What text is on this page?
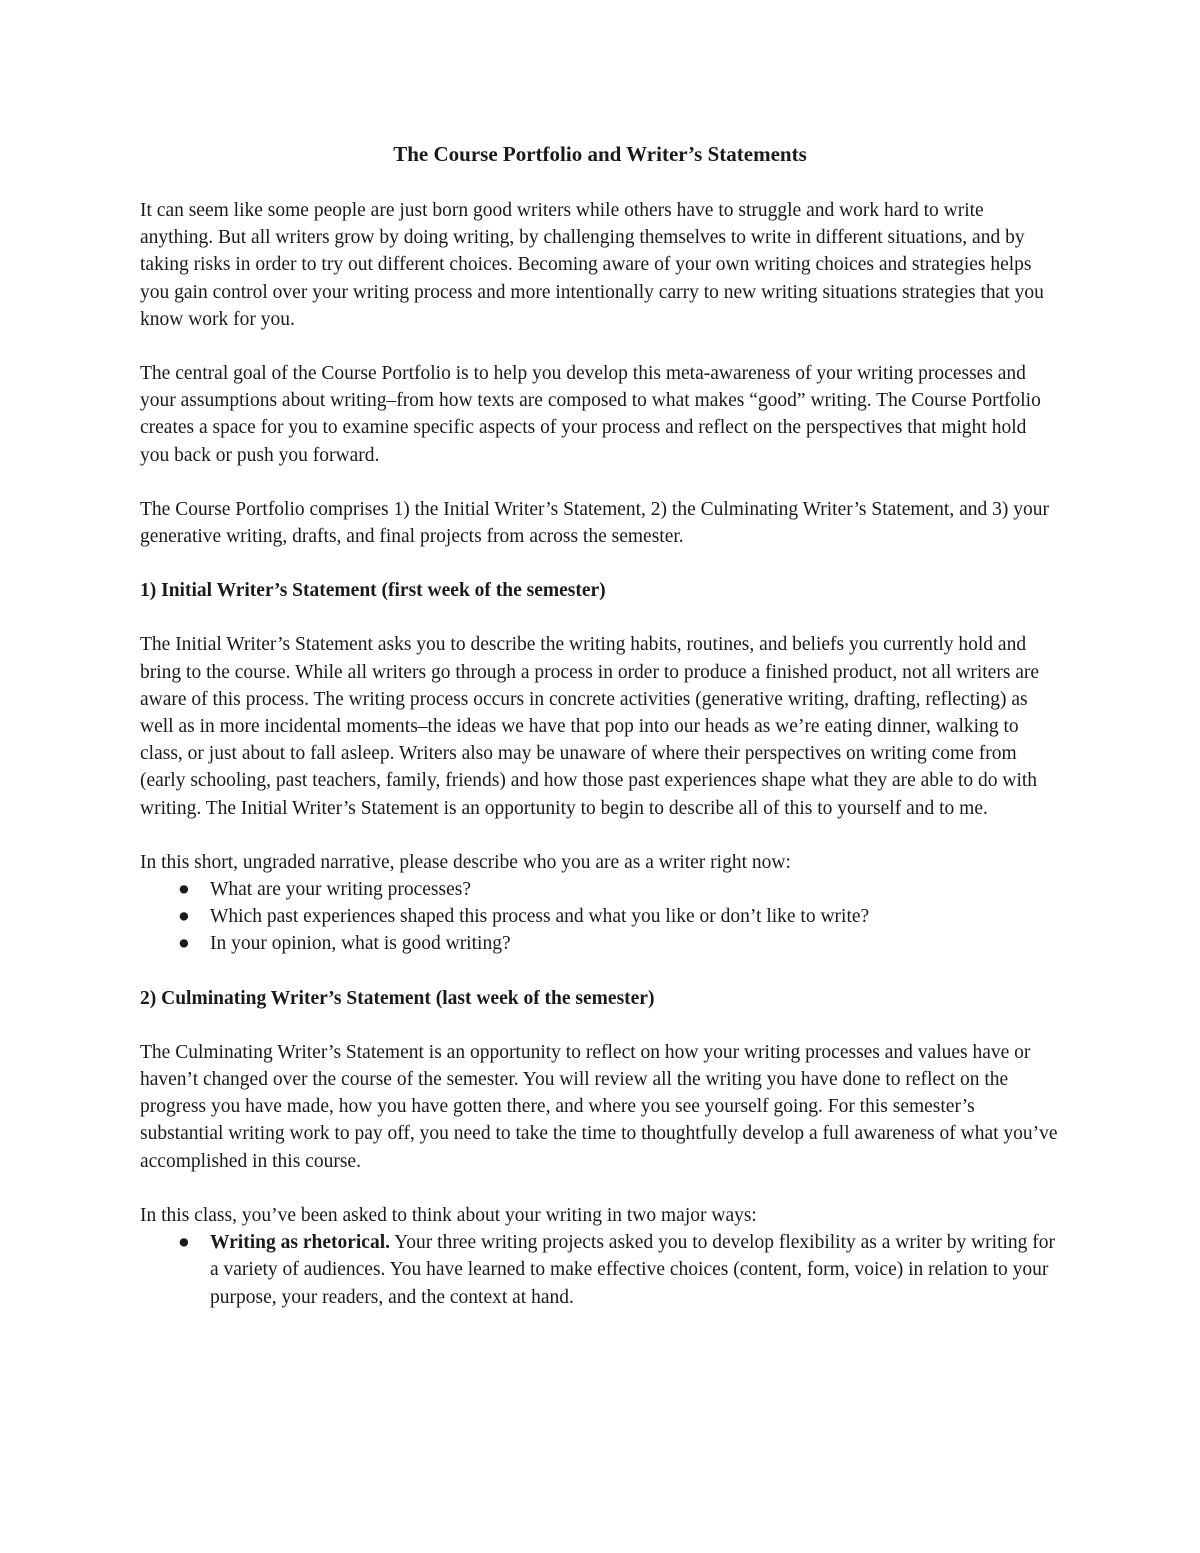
The Course Portfolio and Writer’s Statements

It can seem like some people are just born good writers while others have to struggle and work hard to write anything. But all writers grow by doing writing, by challenging themselves to write in different situations, and by taking risks in order to try out different choices. Becoming aware of your own writing choices and strategies helps you gain control over your writing process and more intentionally carry to new writing situations strategies that you know work for you.

The central goal of the Course Portfolio is to help you develop this meta-awareness of your writing processes and your assumptions about writing–from how texts are composed to what makes “good” writing. The Course Portfolio creates a space for you to examine specific aspects of your process and reflect on the perspectives that might hold you back or push you forward.

The Course Portfolio comprises 1) the Initial Writer’s Statement, 2) the Culminating Writer’s Statement, and 3) your generative writing, drafts, and final projects from across the semester.

1) Initial Writer’s Statement (first week of the semester)

The Initial Writer’s Statement asks you to describe the writing habits, routines, and beliefs you currently hold and bring to the course. While all writers go through a process in order to produce a finished product, not all writers are aware of this process. The writing process occurs in concrete activities (generative writing, drafting, reflecting) as well as in more incidental moments–the ideas we have that pop into our heads as we’re eating dinner, walking to class, or just about to fall asleep. Writers also may be unaware of where their perspectives on writing come from (early schooling, past teachers, family, friends) and how those past experiences shape what they are able to do with writing. The Initial Writer’s Statement is an opportunity to begin to describe all of this to yourself and to me.

In this short, ungraded narrative, please describe who you are as a writer right now:

● What are your writing processes?
● Which past experiences shaped this process and what you like or don’t like to write?
● In your opinion, what is good writing?
2) Culminating Writer’s Statement (last week of the semester)

The Culminating Writer’s Statement is an opportunity to reflect on how your writing processes and values have or haven’t changed over the course of the semester. You will review all the writing you have done to reflect on the progress you have made, how you have gotten there, and where you see yourself going. For this semester’s substantial writing work to pay off, you need to take the time to thoughtfully develop a full awareness of what you’ve accomplished in this course.

In this class, you’ve been asked to think about your writing in two major ways:

● Writing as rhetorical. Your three writing projects asked you to develop flexibility as a writer by writing for a variety of audiences. You have learned to make effective choices (content, form, voice) in relation to your purpose, your readers, and the context at hand.
